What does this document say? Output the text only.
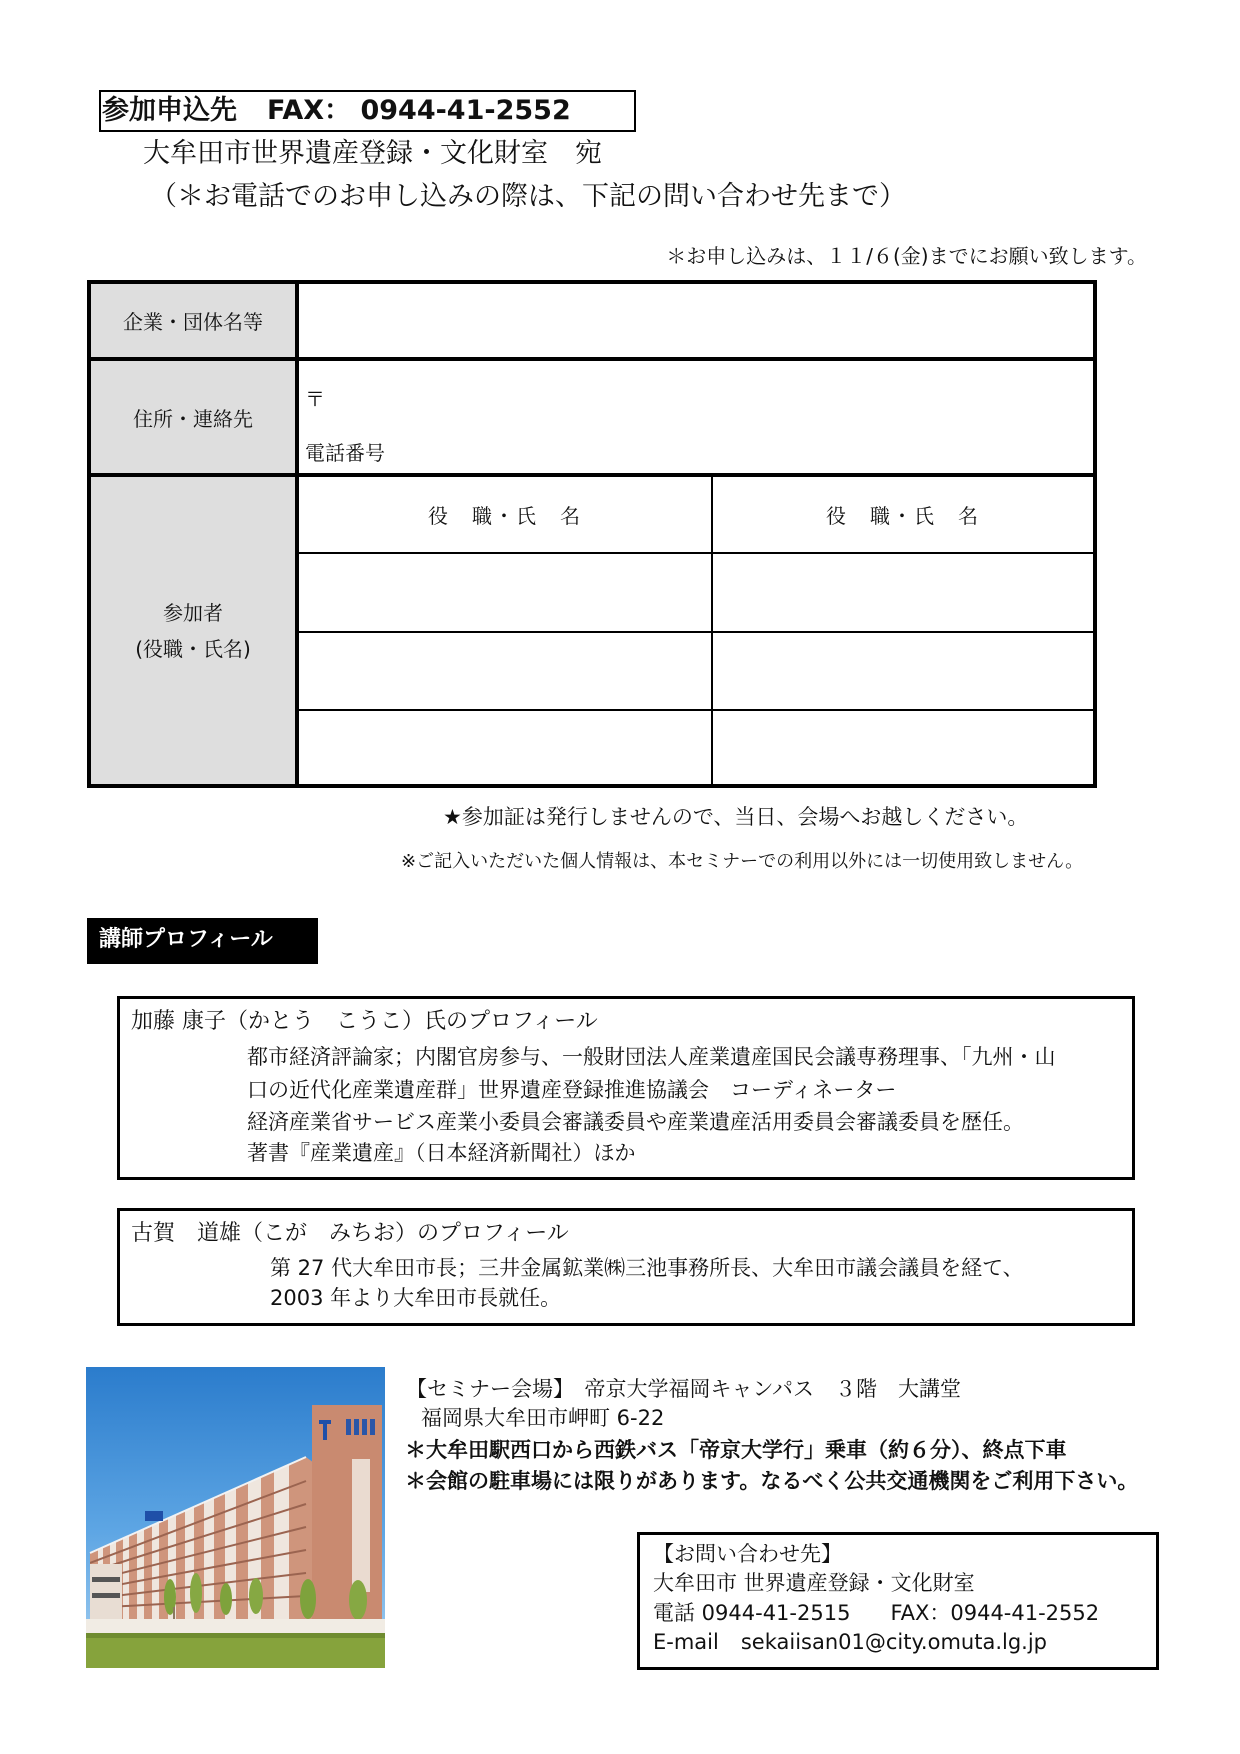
参加申込先 FAX： 0944-41-2552
大牟田市世界遺産登録・文化財室　宛
（＊お電話でのお申し込みの際は、下記の問い合わせ先まで）
＊お申し込みは、１１/６(金)までにお願い致します。
企業・団体名等
住所・連絡先
参加者
(役職・氏名)
〒
電話番号
役　職・氏　名	役　職・氏　名
★参加証は発行しませんので、当日、会場へお越しください。
※ご記入いただいた個人情報は、本セミナーでの利用以外には一切使用致しません。
講師プロフィール
加藤 康子（かとう　こうこ）氏のプロフィール
都市経済評論家；内閣官房参与、一般財団法人産業遺産国民会議専務理事、「九州・山
口の近代化産業遺産群」世界遺産登録推進協議会　コーディネーター
経済産業省サービス産業小委員会審議委員や産業遺産活用委員会審議委員を歴任。
著書『産業遺産』（日本経済新聞社）ほか
古賀　道雄（こが　みちお）のプロフィール
第 27 代大牟田市長；三井金属鉱業㈱三池事務所長、大牟田市議会議員を経て、
2003 年より大牟田市長就任。
【セミナー会場】　帝京大学福岡キャンパス　３階　大講堂
福岡県大牟田市岬町 6-22
＊大牟田駅西口から西鉄バス「帝京大学行」乗車（約６分）、終点下車
＊会館の駐車場には限りがあります。なるべく公共交通機関をご利用下さい。
【お問い合わせ先】
大牟田市 世界遺産登録・文化財室
電話 0944-41-2515 FAX：0944-41-2552
E-mail sekaiisan01@city.omuta.lg.jp
